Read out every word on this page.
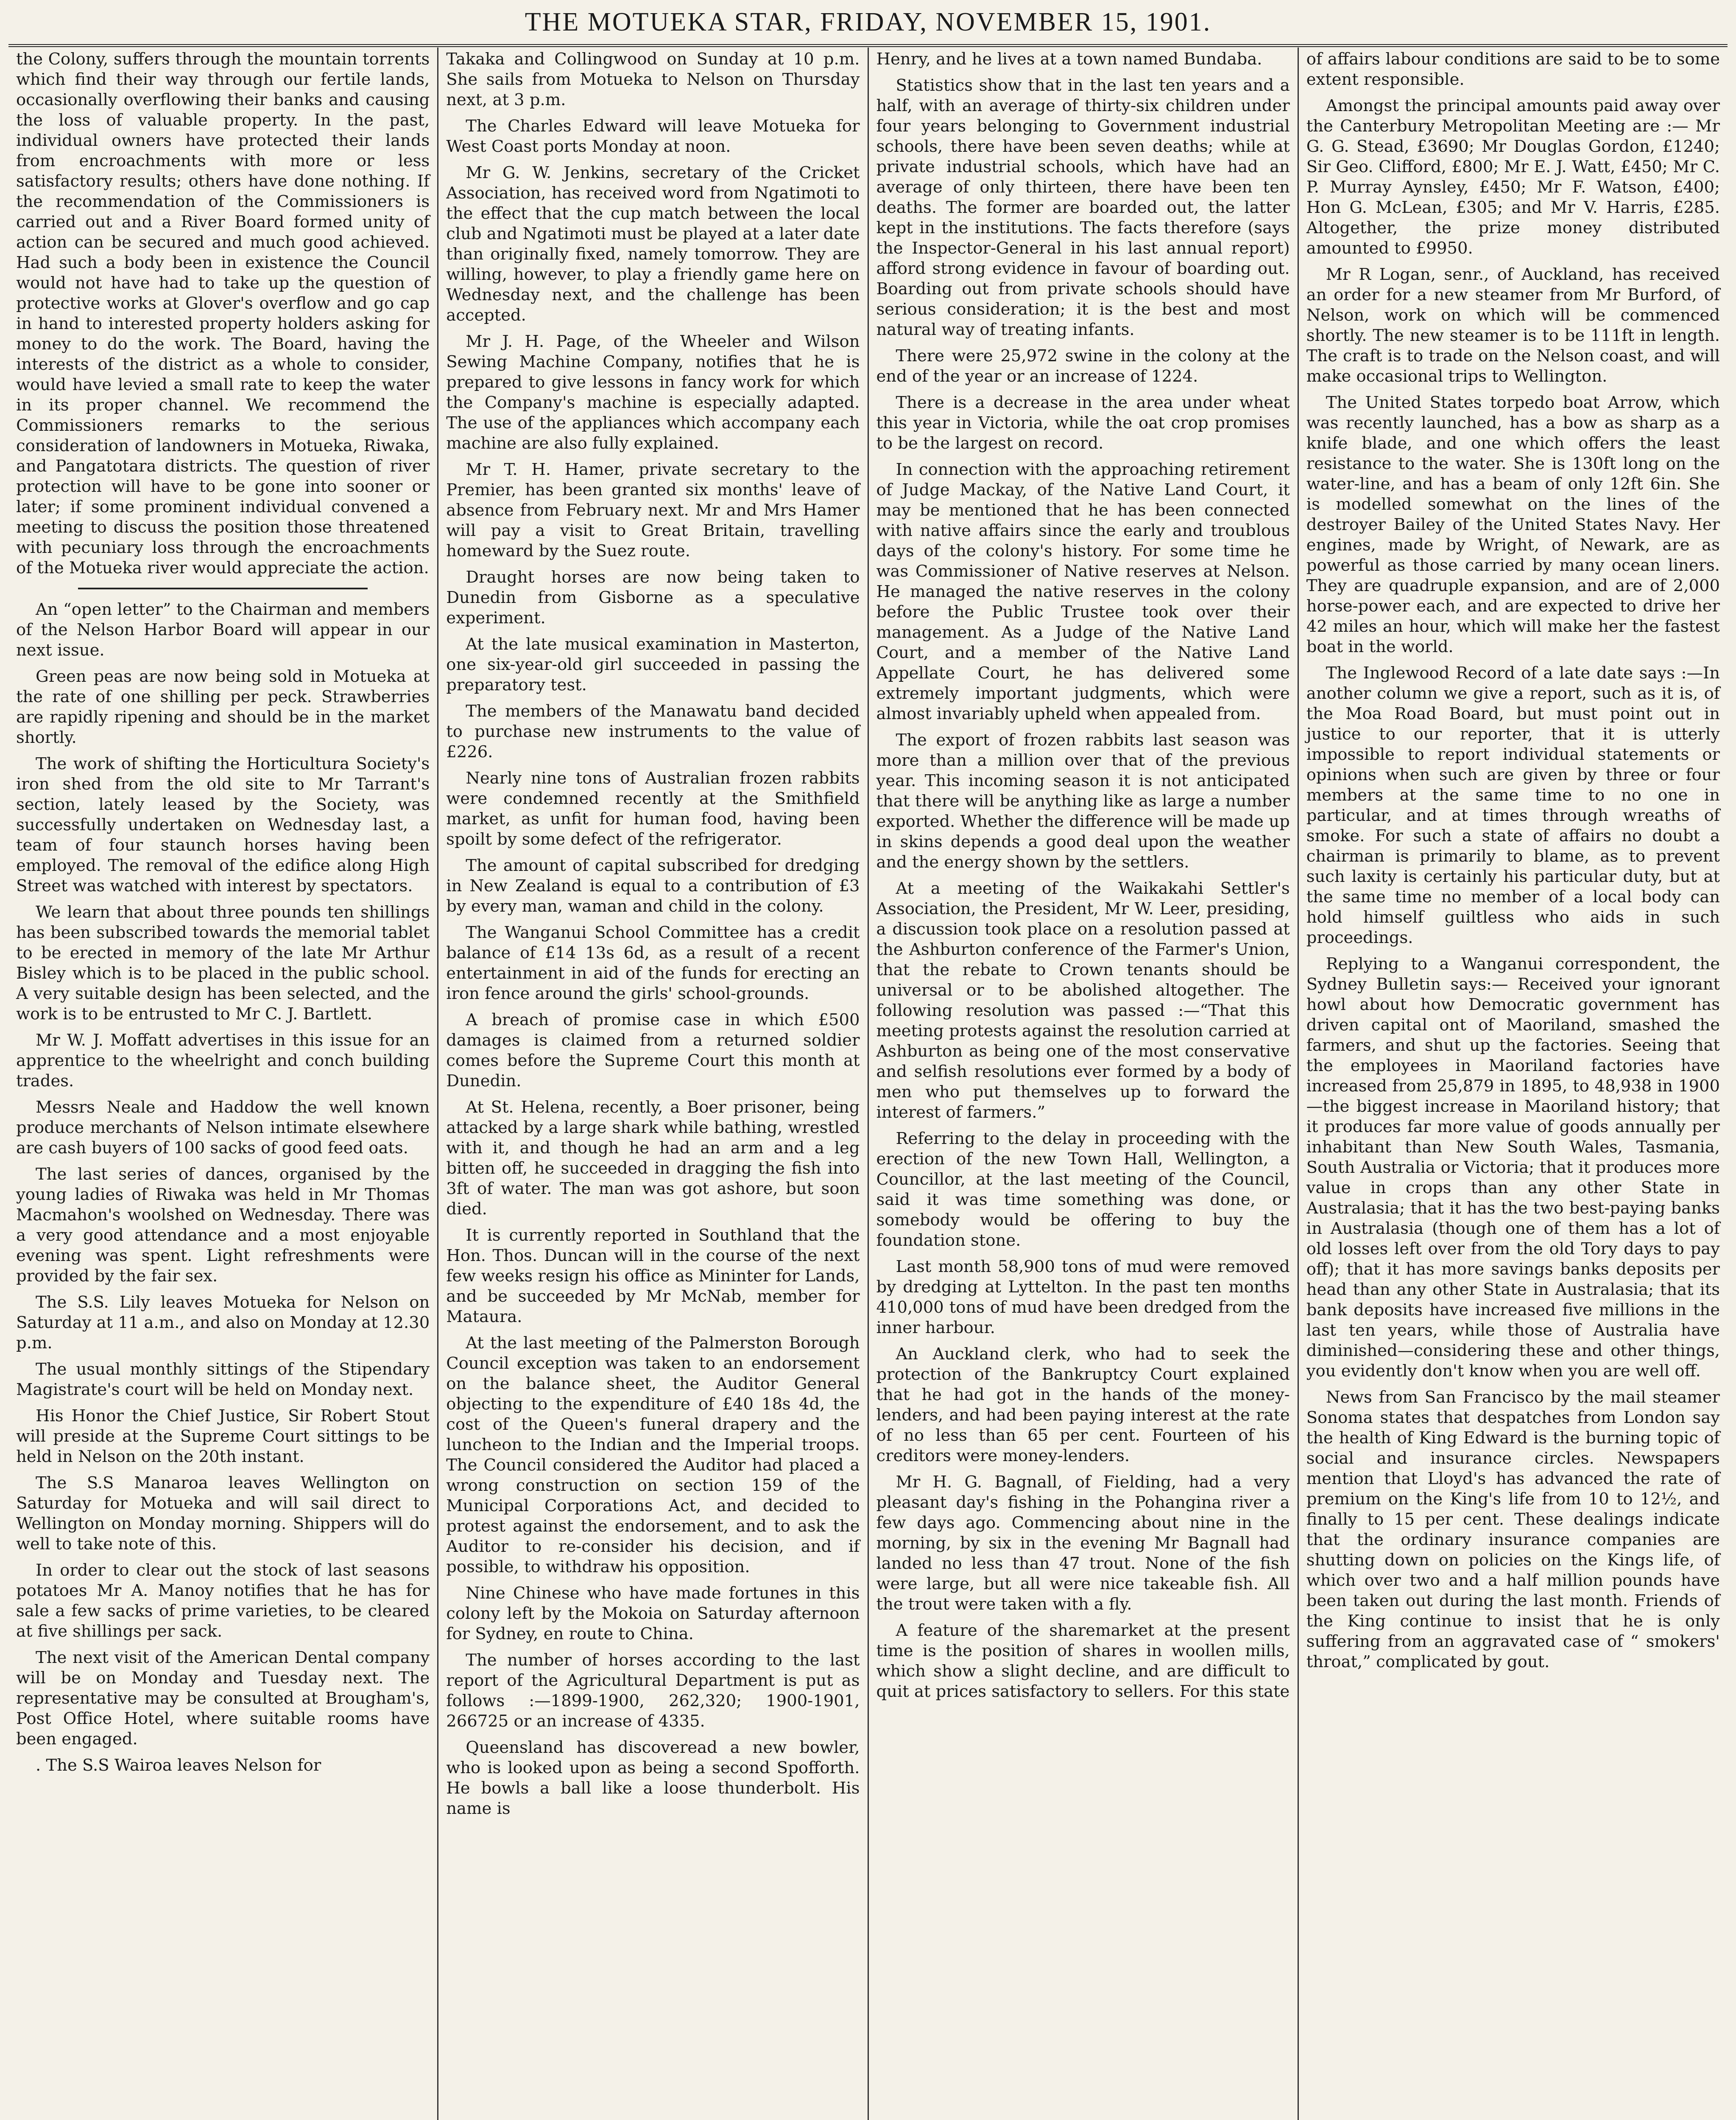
THE MOTUEKA STAR, FRIDAY, NOVEMBER 15, 1901.

the Colony, suffers through the mountain torrents which find their way through our fertile lands, occasionally overflowing their banks and causing the loss of valuable property. In the past, individual owners have protected their lands from encroachments with more or less satisfactory results; others have done nothing. If the recommendation of the Commissioners is carried out and a River Board formed unity of action can be secured and much good achieved. Had such a body been in existence the Council would not have had to take up the question of protective works at Glover's overflow and go cap in hand to interested property holders asking for money to do the work. The Board, having the interests of the district as a whole to consider, would have levied a small rate to keep the water in its proper channel. We recommend the Commissioners remarks to the serious consideration of landowners in Motueka, Riwaka, and Pangatotara districts. The question of river protection will have to be gone into sooner or later; if some prominent individual convened a meeting to discuss the position those threatened with pecuniary loss through the encroachments of the Motueka river would appreciate the action.

An “open letter” to the Chairman and members of the Nelson Harbor Board will appear in our next issue.

Green peas are now being sold in Motueka at the rate of one shilling per peck. Strawberries are rapidly ripening and should be in the market shortly.

The work of shifting the Horticultura Society's iron shed from the old site to Mr Tarrant's section, lately leased by the Society, was successfully undertaken on Wednesday last, a team of four staunch horses having been employed. The removal of the edifice along High Street was watched with interest by spectators.

We learn that about three pounds ten shillings has been subscribed towards the memorial tablet to be erected in memory of the late Mr Arthur Bisley which is to be placed in the public school. A very suitable design has been selected, and the work is to be entrusted to Mr C. J. Bartlett.

Mr W. J. Moffatt advertises in this issue for an apprentice to the wheelright and conch building trades.

Messrs Neale and Haddow the well known produce merchants of Nelson intimate elsewhere are cash buyers of 100 sacks of good feed oats.

The last series of dances, organised by the young ladies of Riwaka was held in Mr Thomas Macmahon's woolshed on Wednesday. There was a very good attendance and a most enjoyable evening was spent. Light refreshments were provided by the fair sex.

The S.S. Lily leaves Motueka for Nelson on Saturday at 11 a.m., and also on Monday at 12.30 p.m.

The usual monthly sittings of the Stipendary Magistrate's court will be held on Monday next.

His Honor the Chief Justice, Sir Robert Stout will preside at the Supreme Court sittings to be held in Nelson on the 20th instant.

The S.S Manaroa leaves Wellington on Saturday for Motueka and will sail direct to Wellington on Monday morning. Shippers will do well to take note of this.

In order to clear out the stock of last seasons potatoes Mr A. Manoy notifies that he has for sale a few sacks of prime varieties, to be cleared at five shillings per sack.

The next visit of the American Dental company will be on Monday and Tuesday next. The representative may be consulted at Brougham's, Post Office Hotel, where suitable rooms have been engaged.

. The S.S Wairoa leaves Nelson for

Takaka and Collingwood on Sunday at 10 p.m. She sails from Motueka to Nelson on Thursday next, at 3 p.m.

The Charles Edward will leave Motueka for West Coast ports Monday at noon.

Mr G. W. Jenkins, secretary of the Cricket Association, has received word from Ngatimoti to the effect that the cup match between the local club and Ngatimoti must be played at a later date than originally fixed, namely tomorrow. They are willing, however, to play a friendly game here on Wednesday next, and the challenge has been accepted.

Mr J. H. Page, of the Wheeler and Wilson Sewing Machine Company, notifies that he is prepared to give lessons in fancy work for which the Company's machine is especially adapted. The use of the appliances which accompany each machine are also fully explained.

Mr T. H. Hamer, private secretary to the Premier, has been granted six months' leave of absence from February next. Mr and Mrs Hamer will pay a visit to Great Britain, travelling homeward by the Suez route.

Draught horses are now being taken to Dunedin from Gisborne as a speculative experiment.

At the late musical examination in Masterton, one six-year-old girl succeeded in passing the preparatory test.

The members of the Manawatu band decided to purchase new instruments to the value of £226.

Nearly nine tons of Australian frozen rabbits were condemned recently at the Smithfield market, as unfit for human food, having been spoilt by some defect of the refrigerator.

The amount of capital subscribed for dredging in New Zealand is equal to a contribution of £3 by every man, waman and child in the colony.

The Wanganui School Committee has a credit balance of £14 13s 6d, as a result of a recent entertainment in aid of the funds for erecting an iron fence around the girls' school-grounds.

A breach of promise case in which £500 damages is claimed from a returned soldier comes before the Supreme Court this month at Dunedin.

At St. Helena, recently, a Boer prisoner, being attacked by a large shark while bathing, wrestled with it, and though he had an arm and a leg bitten off, he succeeded in dragging the fish into 3ft of water. The man was got ashore, but soon died.

It is currently reported in Southland that the Hon. Thos. Duncan will in the course of the next few weeks resign his office as Mininter for Lands, and be succeeded by Mr McNab, member for Mataura.

At the last meeting of the Palmerston Borough Council exception was taken to an endorsement on the balance sheet, the Auditor General objecting to the expenditure of £40 18s 4d, the cost of the Queen's funeral drapery and the luncheon to the Indian and the Imperial troops. The Council considered the Auditor had placed a wrong construction on section 159 of the Municipal Corporations Act, and decided to protest against the endorsement, and to ask the Auditor to re-consider his decision, and if possible, to withdraw his opposition.

Nine Chinese who have made fortunes in this colony left by the Mokoia on Saturday afternoon for Sydney, en route to China.

The number of horses according to the last report of the Agricultural Department is put as follows :—1899-1900, 262,320; 1900-1901, 266725 or an increase of 4335.

Queensland has discoveread a new bowler, who is looked upon as being a second Spofforth. He bowls a ball like a loose thunderbolt. His name is

Henry, and he lives at a town named Bundaba.

Statistics show that in the last ten years and a half, with an average of thirty-six children under four years belonging to Government industrial schools, there have been seven deaths; while at private industrial schools, which have had an average of only thirteen, there have been ten deaths. The former are boarded out, the latter kept in the institutions. The facts therefore (says the Inspector-General in his last annual report) afford strong evidence in favour of boarding out. Boarding out from private schools should have serious consideration; it is the best and most natural way of treating infants.

There were 25,972 swine in the colony at the end of the year or an increase of 1224.

There is a decrease in the area under wheat this year in Victoria, while the oat crop promises to be the largest on record.

In connection with the approaching retirement of Judge Mackay, of the Native Land Court, it may be mentioned that he has been connected with native affairs since the early and troublous days of the colony's history. For some time he was Commissioner of Native reserves at Nelson. He managed the native reserves in the colony before the Public Trustee took over their management. As a Judge of the Native Land Court, and a member of the Native Land Appellate Court, he has delivered some extremely important judgments, which were almost invariably upheld when appealed from.

The export of frozen rabbits last season was more than a million over that of the previous year. This incoming season it is not anticipated that there will be anything like as large a number exported. Whether the difference will be made up in skins depends a good deal upon the weather and the energy shown by the settlers.

At a meeting of the Waikakahi Settler's Association, the President, Mr W. Leer, presiding, a discussion took place on a resolution passed at the Ashburton conference of the Farmer's Union, that the rebate to Crown tenants should be universal or to be abolished altogether. The following resolution was passed :—“That this meeting protests against the resolution carried at Ashburton as being one of the most conservative and selfish resolutions ever formed by a body of men who put themselves up to forward the interest of farmers.”

Referring to the delay in proceeding with the erection of the new Town Hall, Wellington, a Councillor, at the last meeting of the Council, said it was time something was done, or somebody would be offering to buy the foundation stone.

Last month 58,900 tons of mud were removed by dredging at Lyttelton. In the past ten months 410,000 tons of mud have been dredged from the inner harbour.

An Auckland clerk, who had to seek the protection of the Bankruptcy Court explained that he had got in the hands of the money-lenders, and had been paying interest at the rate of no less than 65 per cent. Fourteen of his creditors were money-lenders.

Mr H. G. Bagnall, of Fielding, had a very pleasant day's fishing in the Pohangina river a few days ago. Commencing about nine in the morning, by six in the evening Mr Bagnall had landed no less than 47 trout. None of the fish were large, but all were nice takeable fish. All the trout were taken with a fly.

A feature of the sharemarket at the present time is the position of shares in woollen mills, which show a slight decline, and are difficult to quit at prices satisfactory to sellers. For this state

of affairs labour conditions are said to be to some extent responsible.

Amongst the principal amounts paid away over the Canterbury Metropolitan Meeting are :— Mr G. G. Stead, £3690; Mr Douglas Gordon, £1240; Sir Geo. Clifford, £800; Mr E. J. Watt, £450; Mr C. P. Murray Aynsley, £450; Mr F. Watson, £400; Hon G. McLean, £305; and Mr V. Harris, £285. Altogether, the prize money distributed amounted to £9950.

Mr R Logan, senr., of Auckland, has received an order for a new steamer from Mr Burford, of Nelson, work on which will be commenced shortly. The new steamer is to be 111ft in length. The craft is to trade on the Nelson coast, and will make occasional trips to Wellington.

The United States torpedo boat Arrow, which was recently launched, has a bow as sharp as a knife blade, and one which offers the least resistance to the water. She is 130ft long on the water-line, and has a beam of only 12ft 6in. She is modelled somewhat on the lines of the destroyer Bailey of the United States Navy. Her engines, made by Wright, of Newark, are as powerful as those carried by many ocean liners. They are quadruple expansion, and are of 2,000 horse-power each, and are expected to drive her 42 miles an hour, which will make her the fastest boat in the world.

The Inglewood Record of a late date says :—In another column we give a report, such as it is, of the Moa Road Board, but must point out in justice to our reporter, that it is utterly impossible to report individual statements or opinions when such are given by three or four members at the same time to no one in particular, and at times through wreaths of smoke. For such a state of affairs no doubt a chairman is primarily to blame, as to prevent such laxity is certainly his particular duty, but at the same time no member of a local body can hold himself guiltless who aids in such proceedings.

Replying to a Wanganui correspondent, the Sydney Bulletin says:— Received your ignorant howl about how Democratic government has driven capital ont of Maoriland, smashed the farmers, and shut up the factories. Seeing that the employees in Maoriland factories have increased from 25,879 in 1895, to 48,938 in 1900 —the biggest increase in Maoriland history; that it produces far more value of goods annually per inhabitant than New South Wales, Tasmania, South Australia or Victoria; that it produces more value in crops than any other State in Australasia; that it has the two best-paying banks in Australasia (though one of them has a lot of old losses left over from the old Tory days to pay off); that it has more savings banks deposits per head than any other State in Australasia; that its bank deposits have increased five millions in the last ten years, while those of Australia have diminished—considering these and other things, you evidently don't know when you are well off.

News from San Francisco by the mail steamer Sonoma states that despatches from London say the health of King Edward is the burning topic of social and insurance circles. Newspapers mention that Lloyd's has advanced the rate of premium on the King's life from 10 to 12½, and finally to 15 per cent. These dealings indicate that the ordinary insurance companies are shutting down on policies on the Kings life, of which over two and a half million pounds have been taken out during the last month. Friends of the King continue to insist that he is only suffering from an aggravated case of “ smokers' throat,” complicated by gout.
